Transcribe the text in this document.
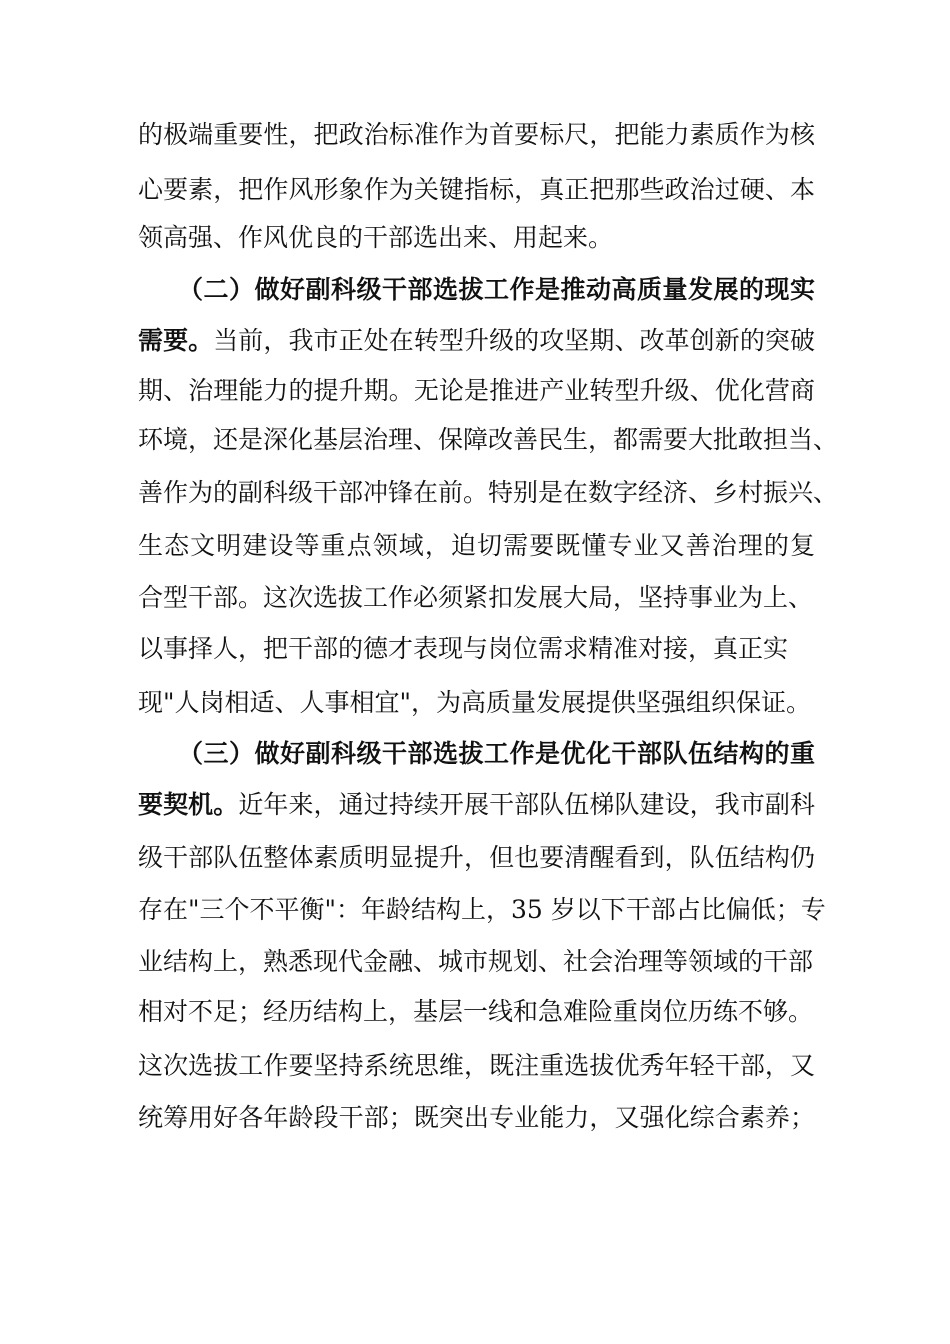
的极端重要性，把政治标准作为首要标尺，把能力素质作为核
心要素，把作风形象作为关键指标，真正把那些政治过硬、本
领高强、作风优良的干部选出来、用起来。
（二）做好副科级干部选拔工作是推动高质量发展的现实
需要。当前，我市正处在转型升级的攻坚期、改革创新的突破
期、治理能力的提升期。无论是推进产业转型升级、优化营商
环境，还是深化基层治理、保障改善民生，都需要大批敢担当、
善作为的副科级干部冲锋在前。特别是在数字经济、乡村振兴、
生态文明建设等重点领域，迫切需要既懂专业又善治理的复
合型干部。这次选拔工作必须紧扣发展大局，坚持事业为上、
以事择人，把干部的德才表现与岗位需求精准对接，真正实
现"人岗相适、人事相宜"，为高质量发展提供坚强组织保证。
（三）做好副科级干部选拔工作是优化干部队伍结构的重
要契机。近年来，通过持续开展干部队伍梯队建设，我市副科
级干部队伍整体素质明显提升，但也要清醒看到，队伍结构仍
存在"三个不平衡"：年龄结构上，35 岁以下干部占比偏低；专
业结构上，熟悉现代金融、城市规划、社会治理等领域的干部
相对不足；经历结构上，基层一线和急难险重岗位历练不够。
这次选拔工作要坚持系统思维，既注重选拔优秀年轻干部，又
统筹用好各年龄段干部；既突出专业能力，又强化综合素养；
